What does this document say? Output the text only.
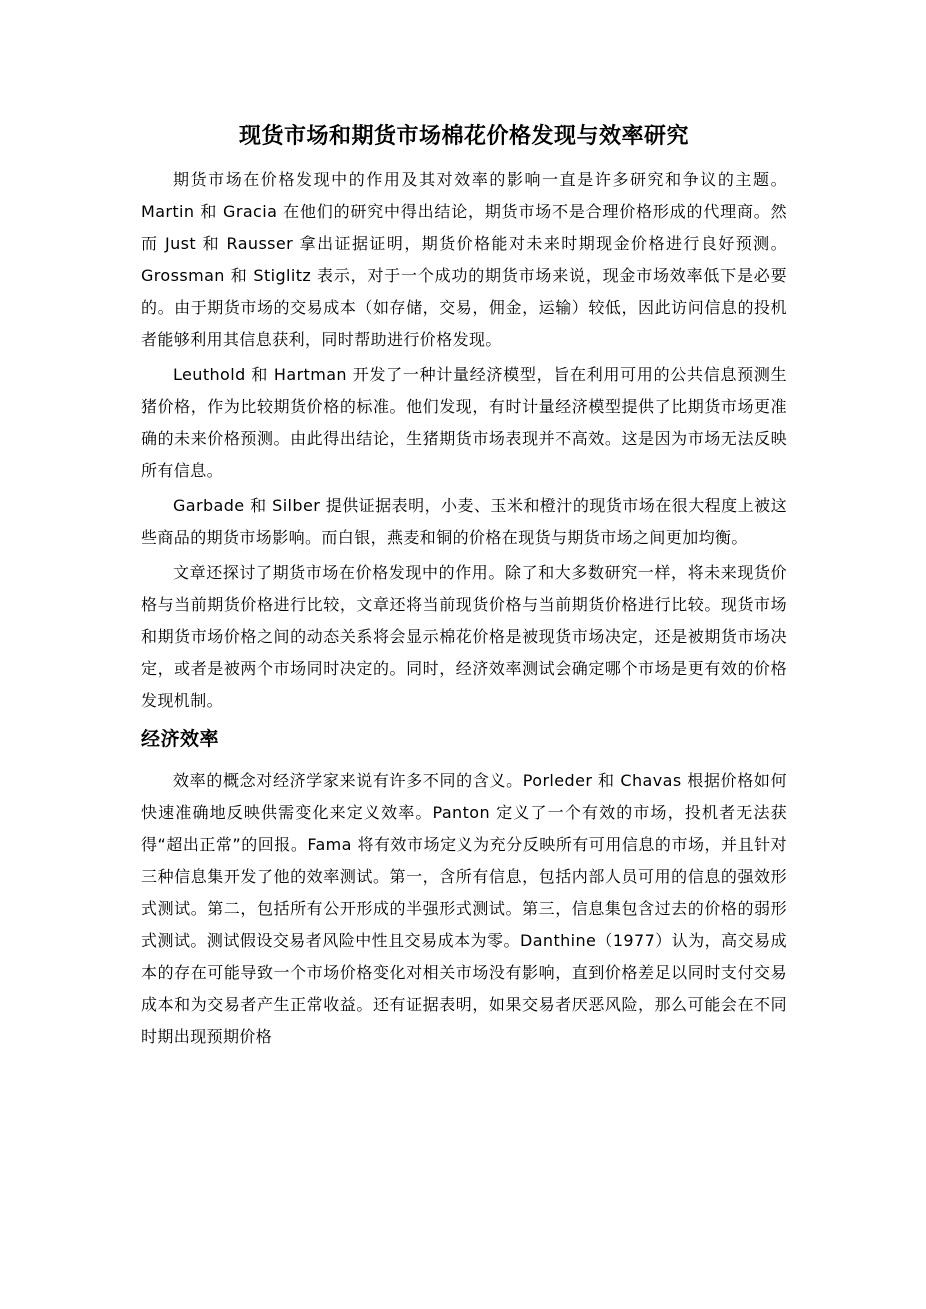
现货市场和期货市场棉花价格发现与效率研究

期货市场在价格发现中的作用及其对效率的影响一直是许多研究和争议的主题。Martin 和 Gracia 在他们的研究中得出结论，期货市场不是合理价格形成的代理商。然而 Just 和 Rausser 拿出证据证明，期货价格能对未来时期现金价格进行良好预测。Grossman 和 Stiglitz 表示，对于一个成功的期货市场来说，现金市场效率低下是必要的。由于期货市场的交易成本（如存储，交易，佣金，运输）较低，因此访问信息的投机者能够利用其信息获利，同时帮助进行价格发现。

Leuthold 和 Hartman 开发了一种计量经济模型，旨在利用可用的公共信息预测生猪价格，作为比较期货价格的标准。他们发现，有时计量经济模型提供了比期货市场更准确的未来价格预测。由此得出结论，生猪期货市场表现并不高效。这是因为市场无法反映所有信息。

Garbade 和 Silber 提供证据表明，小麦、玉米和橙汁的现货市场在很大程度上被这些商品的期货市场影响。而白银，燕麦和铜的价格在现货与期货市场之间更加均衡。

文章还探讨了期货市场在价格发现中的作用。除了和大多数研究一样，将未来现货价格与当前期货价格进行比较，文章还将当前现货价格与当前期货价格进行比较。现货市场和期货市场价格之间的动态关系将会显示棉花价格是被现货市场决定，还是被期货市场决定，或者是被两个市场同时决定的。同时，经济效率测试会确定哪个市场是更有效的价格发现机制。

经济效率

效率的概念对经济学家来说有许多不同的含义。Porleder 和 Chavas 根据价格如何快速准确地反映供需变化来定义效率。Panton 定义了一个有效的市场，投机者无法获得“超出正常”的回报。Fama 将有效市场定义为充分反映所有可用信息的市场，并且针对三种信息集开发了他的效率测试。第一，含所有信息，包括内部人员可用的信息的强效形式测试。第二，包括所有公开形成的半强形式测试。第三，信息集包含过去的价格的弱形式测试。测试假设交易者风险中性且交易成本为零。Danthine（1977）认为，高交易成本的存在可能导致一个市场价格变化对相关市场没有影响，直到价格差足以同时支付交易成本和为交易者产生正常收益。还有证据表明，如果交易者厌恶风险，那么可能会在不同时期出现预期价格
